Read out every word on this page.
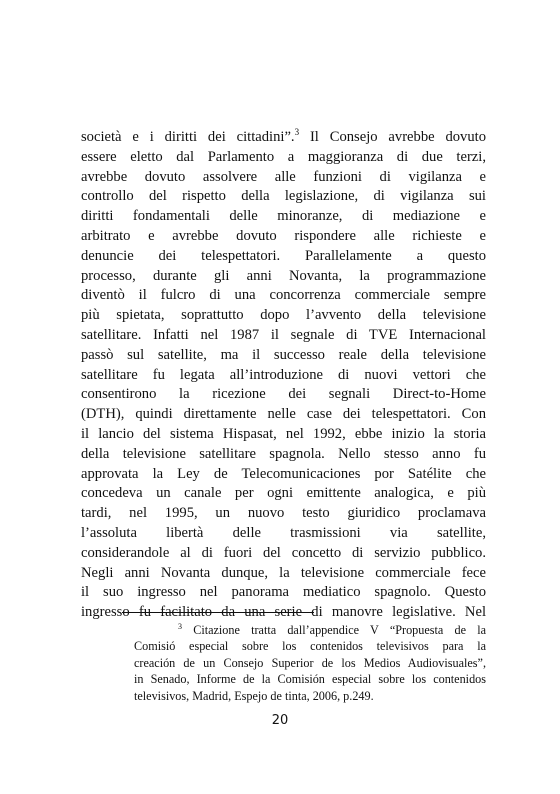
società e i diritti dei cittadini”.$^3$ Il Consejo avrebbe dovuto
essere eletto dal Parlamento a maggioranza di due terzi,
avrebbe dovuto assolvere alle funzioni di vigilanza e
controllo del rispetto della legislazione, di vigilanza sui
diritti fondamentali delle minoranze, di mediazione e
arbitrato e avrebbe dovuto rispondere alle richieste e
denuncie dei telespettatori. Parallelamente a questo
processo, durante gli anni Novanta, la programmazione
diventò il fulcro di una concorrenza commerciale sempre
più spietata, soprattutto dopo l’avvento della televisione
satellitare. Infatti nel 1987 il segnale di TVE Internacional
passò sul satellite, ma il successo reale della televisione
satellitare fu legata all’introduzione di nuovi vettori che
consentirono la ricezione dei segnali Direct-to-Home
(DTH), quindi direttamente nelle case dei telespettatori. Con
il lancio del sistema Hispasat, nel 1992, ebbe inizio la storia
della televisione satellitare spagnola. Nello stesso anno fu
approvata la Ley de Telecomunicaciones por Satélite che
concedeva un canale per ogni emittente analogica, e più
tardi, nel 1995, un nuovo testo giuridico proclamava
l’assoluta libertà delle trasmissioni via satellite,
considerandole al di fuori del concetto di servizio pubblico.
Negli anni Novanta dunque, la televisione commerciale fece
il suo ingresso nel panorama mediatico spagnolo. Questo
ingresso fu facilitato da una serie di manovre legislative. Nel
$^3$ Citazione tratta dall’appendice V “Propuesta de la
Comisió especial sobre los contenidos televisivos para la
creación de un Consejo Superior de los Medios Audiovisuales”,
in Senado, Informe de la Comisión especial sobre los contenidos
televisivos, Madrid, Espejo de tinta, 2006, p.249.
20
